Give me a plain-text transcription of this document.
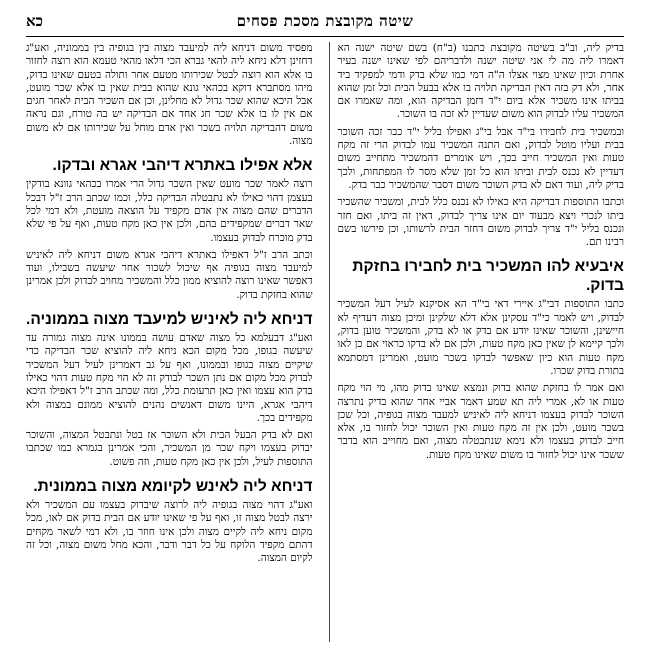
שיטה מקובצת מסכת פסחים
כא

בדיק ליה, וב"ב בשיטה מקובצת כתבנו (ב"ח) בשם שיטה ישנה הא דאמרו ליה מה לי אני שיטה ישנה ולדבריהם לפי שאינו ישנה בעיר אחרת וכיון שאינו מצוי אצלו ה"ה דמי כמו שלא בדק ודמי למפקיד ביד אחר, ולא דק בזה דאין הבדיקה תלויה בו אלא בבעל הבית וכל זמן שהוא בביתו אינו משכיר אלא ביום י"ד דזמן הבדיקה הוא, ומה שאמרו אם המשכיר עליו לבדוק הוא משום שעדיין לא זכה בו השוכר.

ובמשכיר בית לחבירו בי"ד אבל בי"ג ואפילו בליל י"ד כבר זכה השוכר בבית ועליו מוטל לבדוק, ואם התנה המשכיר עמו לבדוק הרי זה מקח טעות ואין המשכיר חייב בכך, ויש אומרים דהמשכיר מתחייב משום דעדיין לא נכנס לבית וביתו הוא כל זמן שלא מסר לו המפתחות, ולכך בדיק ליה, ועוד דאם לא בדק השוכר משום דסבר שהמשכיר כבר בדק.

וכתבו התוספות דבדיקה היא כאילו לא נכנס כלל לבית, ומשכיר שהשכיר ביתו לנכרי ויצא מבעוד יום אינו צריך לבדוק, דאין זה ביתו, ואם חזר ונכנס בליל י"ד צריך לבדוק משום דחזר הבית לרשותו, וכן פירשו בשם רבינו תם.

איבעיא להו המשכיר בית לחבירו בחזקת בדוק.

כתבו התוספות דבי"ג איירי דאי בי"ד הא אסיקנא לעיל דעל המשכיר לבדוק, ויש לאמר כי"ד עסקינן אלא דלא שלקינן ומיכן מצוה דעדיף לא חיישינן, והשוכר שאינו יודע אם בדק או לא בדק, והמשכיר טוען בדוק, ולכך קיימא לן שאין כאן מקח טעות, ולכן אם לא בדקו כראוי אם כן לאו מקח טעות הוא כיון שאפשר לבדקו בשכר מועט, ואמרינן דמסתמא בתורת בדוק שכרו.

ואם אמר לו בחזקת שהוא בדוק ונמצא שאינו בדוק מהו, מי הוי מקח טעות או לא, אמרי ליה תא שמע דאמר אביי אחר שהוא בדיק נתרצה השוכר לבדוק בעצמו דניחא ליה לאיניש למעבד מצוה בגופיה, וכל שכן בשכר מועט, ולכן אין זה מקח טעות ואין השוכר יכול לחזור בו, אלא חייב לבדוק בעצמו ולא נימא שנתבטלה מצוה, ואם מחוייב הוא בדבר ששכר אינו יכול לחזור בו משום שאינו מקח טעות.

מפסיד משום דניחא ליה למיעבד מצוה בין בגופיה בין בממוניה, ואע"ג דחזינן דלא ניחא ליה להאי גברא הכי דלאו מהאי טעמא הוא רוצה לחזור בו אלא הוא רוצה לבטל שכירותו מטעם אחר ותולה בטעם שאינו בדוק, מיהו מסתברא דוקא בכהאי גונא שהוא בבית שאין בו אלא שכר מועט, אבל היכא שהוא שכר גדול לא מחלינן, וכן אם השכיר הבית לאחר חגים אם אין לו בו אלא שכר חג אחד אם הבדיקה יש בה טורח, וגם נראה משום דהבדיקה תלויה בשכר ואין אדם מוחל על שכירותו אם לא משום מצוה.

אלא אפילו באתרא דיהבי אגרא ובדקו.

רוצה לאמר שכר מועט שאין השכר גדול הרי אמרו בכהאי גוונא בודקין בעצמן דהוי כאילו לא נתבטלה הבדיקה כלל, וכמו שכתב הרב ז"ל דבכל הדברים שהם מצוה אין אדם מקפיד על הוצאה מועטת, ולא דמי לכל שאר דברים שמקפידים בהם, ולכן אין כאן מקח טעות, ואף על פי שלא בדק מוכרח לבדוק בעצמו.

וכתב הרב ז"ל דאפילו באתרא דיהבי אגרא משום דניחא ליה לאיניש למיעבד מצוה בגופיה אף שיכול לשכור אחר שיעשה בשבילו, ועוד דאפשר שאינו רוצה להוציא ממון כלל והמשכיר מחויב לבדוק ולכן אמרינן שהוא בחזקת בדוק.

דניחא ליה לאיניש למיעבד מצוה בממוניה.

ואע"ג דבעלמא כל מצוה שאדם עושה בממונו אינה מצוה גמורה עד שיעשה בגופו, מכל מקום הכא ניחא ליה להוציא שכר הבדיקה כדי שיקיים מצוה בגופו ובממונו, ואף על גב דאמרינן לעיל דעל המשכיר לבדוק מכל מקום אם נתן השכר לבודק זה לא הוי מקח טעות דהוי כאילו בדק הוא עצמו ואין כאן תרעומת כלל, ומה שכתב הרב ז"ל דאפילו היכא דיהבי אגרא, היינו משום דאנשים נהנים להוציא ממונם במצוה ולא מקפידים בכך.

ואם לא בדק הבעל הבית ולא השוכר אז בטל ונתבטל המצוה, והשוכר יבדוק בעצמו ויקח שכר מן המשכיר, והכי אמרינן בגמרא כמו שכתבו התוספות לעיל, ולכן אין כאן מקח טעות, וזה פשוט.

דניחא ליה לאינש לקיומא מצוה בממונית.

ואע"ג דהוי מצוה בגופיה ליה לרוצה שיבדוק בעצמו עם המשכיר ולא ירצה לבטל מצוה זו, ואף על פי שאינו יודע אם הבית בדוק אם לאו, מכל מקום ניחא ליה לקיים מצוה ולכן אינו חוזר בו, ולא דמי לשאר מקחים דהתם מקפיד הלוקח על כל דבר ודבר, והכא מחל משום מצוה, וכל זה לקיום המצוה.
